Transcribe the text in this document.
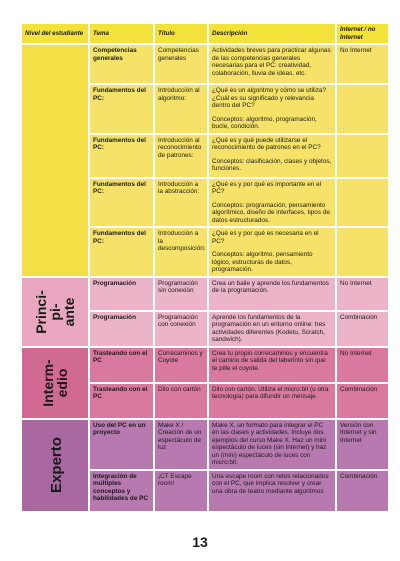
Nivel del estudiante	Tema	Título	Descripción	Internet / no Internet

	Competencias generales	Competencias generales	Actividades breves para practicar algunas de las competencias generales necesarias para el PC: creatividad, colaboración, lluvia de ideas, etc.	No Internet
	Fundamentos del PC:	Introducción al algoritmo:	¿Qué es un algoritmo y cómo se utiliza? ¿Cuál es su significado y relevancia dentro del PC?
Conceptos: algoritmo, programación, bucle, condición.	

	Fundamentos del PC:	Introducción al reconocimiento de patrones:	¿Qué es y qué puede utilizarse el reconocimiento de patrones en el PC?
Conceptos: clasificación, clases y objetos, funciones.	

	Fundamentos del PC:	Introducción a la abstracción:	¿Qué es y por qué es importante en el PC?
Conceptos: programación, pensamiento algorítmico, diseño de interfaces, tipos de datos estructurados.	

	Fundamentos del PC:	Introducción a la descomposición:	¿Qué es y por qué es necesaria en el PC?
Conceptos: algoritmo, pensamiento lógico, estructuras de datos, programación.	

Princi-
pi-
ante	Programación	Programación sin conexión	Crea un baile y aprende los fundamentos de la programación.	No Internet
	Programación	Programación con conexión	Aprende los fundamentos de la programación en un entorno online: tres actividades diferentes (Kodetu, Scratch, sandwich).	Combinación

Interm-
edio	Trasteando con el PC	Correcaminos y Coyote	Crea tu propio correcaminos y encuentra el camino de salida del laberinto sin que te pille el coyote.	No Internet
	Trasteando con el PC	Dilo con cartón	Dilo con cartón. Utiliza el micro:bit (u otra tecnología) para difundir un mensaje.	Combinación

Experto	Uso del PC en un proyecto	Make X / Creación de un espectáculo de luz	Make X, un formato para integrar el PC en las clases y actividades. Incluye dos ejemplos del curso Make X. Haz un mini espectáculo de luces (sin Internet) y haz un (mini) espectáculo de luces con micro:bit.	Versión con Internet y sin Internet
	Integración de múltiples conceptos y habilidades de PC	¡CT Escape room!	Una escape room con retos relacionados con el PC, que implica resolver y crear una obra de teatro mediante algoritmos	Combinación
13
